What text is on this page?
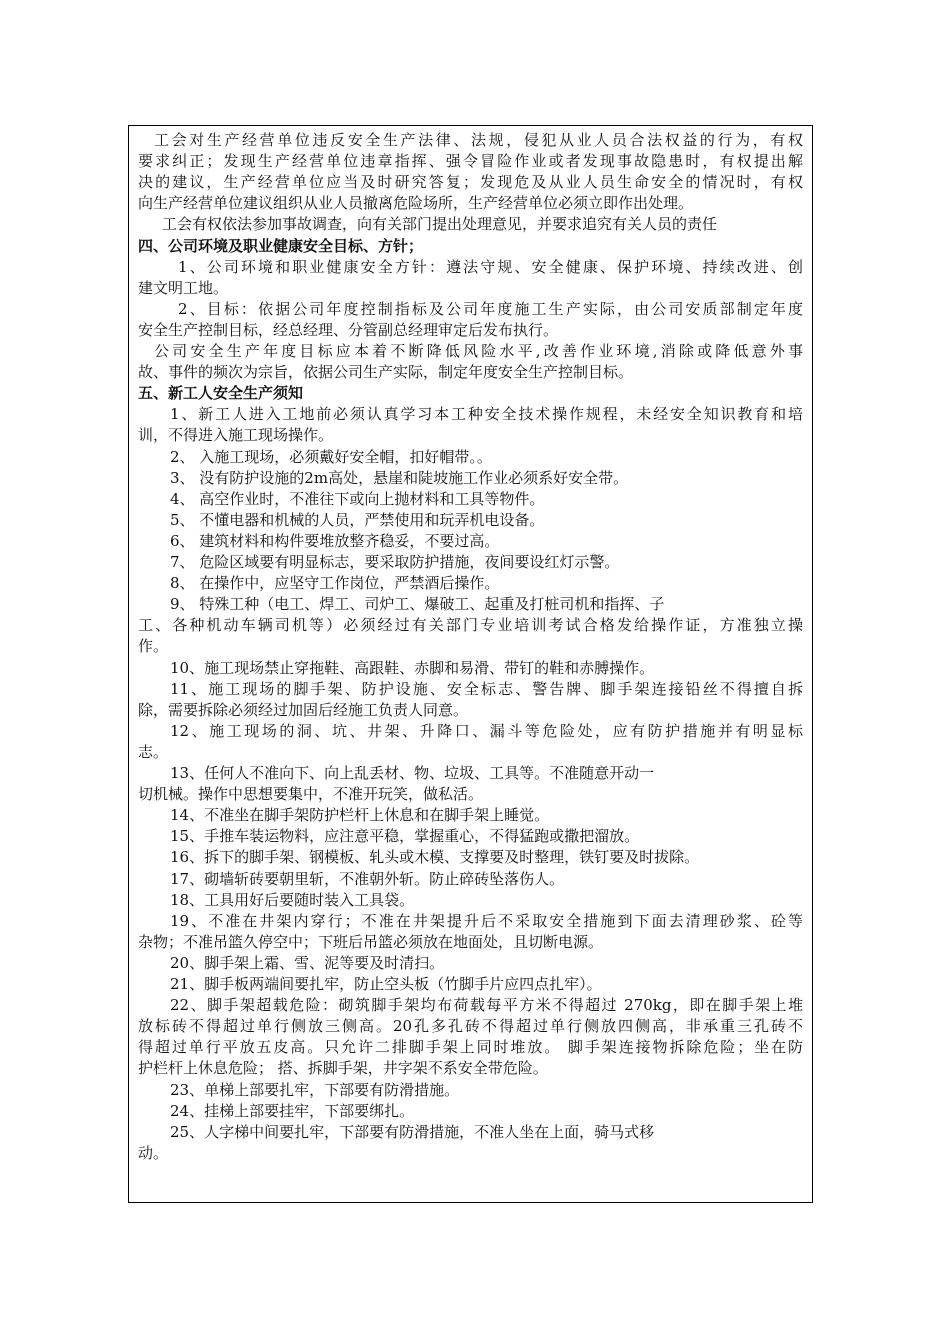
工会对生产经营单位违反安全生产法律、法规，侵犯从业人员合法权益的行为，有权
要求纠正；发现生产经营单位违章指挥、强令冒险作业或者发现事故隐患时，有权提出解
决的建议，生产经营单位应当及时研究答复；发现危及从业人员生命安全的情况时，有权
向生产经营单位建议组织从业人员撤离危险场所，生产经营单位必须立即作出处理。
工会有权依法参加事故调查，向有关部门提出处理意见，并要求追究有关人员的责任
四、公司环境及职业健康安全目标、方针；
1、公司环境和职业健康安全方针：遵法守规、安全健康、保护环境、持续改进、创
建文明工地。
2、目标：依据公司年度控制指标及公司年度施工生产实际，由公司安质部制定年度
安全生产控制目标，经总经理、分管副总经理审定后发布执行。
公司安全生产年度目标应本着不断降低风险水平,改善作业环境,消除或降低意外事
故、事件的频次为宗旨，依据公司生产实际，制定年度安全生产控制目标。
五、新工人安全生产须知
1、新工人进入工地前必须认真学习本工种安全技术操作规程，未经安全知识教育和培
训，不得进入施工现场操作。
2、 入施工现场，必须戴好安全帽，扣好帽带。。
3、 没有防护设施的2m高处，悬崖和陡坡施工作业必须系好安全带。
4、 高空作业时，不准往下或向上抛材料和工具等物件。
5、 不懂电器和机械的人员，严禁使用和玩弄机电设备。
6、 建筑材料和构件要堆放整齐稳妥，不要过高。
7、 危险区域要有明显标志，要采取防护措施，夜间要设红灯示警。
8、 在操作中，应坚守工作岗位，严禁酒后操作。
9、 特殊工种（电工、焊工、司炉工、爆破工、起重及打桩司机和指挥、子
工、各种机动车辆司机等）必须经过有关部门专业培训考试合格发给操作证，方准独立操
作。
10、施工现场禁止穿拖鞋、高跟鞋、赤脚和易滑、带钉的鞋和赤膊操作。
11、施工现场的脚手架、防护设施、安全标志、警告牌、脚手架连接铅丝不得擅自拆
除，需要拆除必须经过加固后经施工负责人同意。
12、施工现场的洞、坑、井架、升降口、漏斗等危险处，应有防护措施并有明显标
志。
13、任何人不准向下、向上乱丢材、物、垃圾、工具等。不准随意开动一
切机械。操作中思想要集中，不准开玩笑，做私活。
14、不准坐在脚手架防护栏杆上休息和在脚手架上睡觉。
15、手推车装运物料，应注意平稳，掌握重心，不得猛跑或撒把溜放。
16、拆下的脚手架、钢模板、轧头或木模、支撑要及时整理，铁钉要及时拔除。
17、砌墙斩砖要朝里斩，不准朝外斩。防止碎砖坠落伤人。
18、工具用好后要随时装入工具袋。
19、不准在井架内穿行；不准在井架提升后不采取安全措施到下面去清理砂浆、砼等
杂物；不准吊篮久停空中；下班后吊篮必须放在地面处，且切断电源。
20、脚手架上霜、雪、泥等要及时清扫。
21、脚手板两端间要扎牢，防止空头板（竹脚手片应四点扎牢）。
22、脚手架超载危险：砌筑脚手架均布荷载每平方米不得超过 270kg，即在脚手架上堆
放标砖不得超过单行侧放三侧高。20孔多孔砖不得超过单行侧放四侧高，非承重三孔砖不
得超过单行平放五皮高。只允许二排脚手架上同时堆放。 脚手架连接物拆除危险；坐在防
护栏杆上休息危险； 搭、拆脚手架，井字架不系安全带危险。
23、单梯上部要扎牢，下部要有防滑措施。
24、挂梯上部要挂牢，下部要绑扎。
25、人字梯中间要扎牢，下部要有防滑措施，不准人坐在上面，骑马式移
动。
